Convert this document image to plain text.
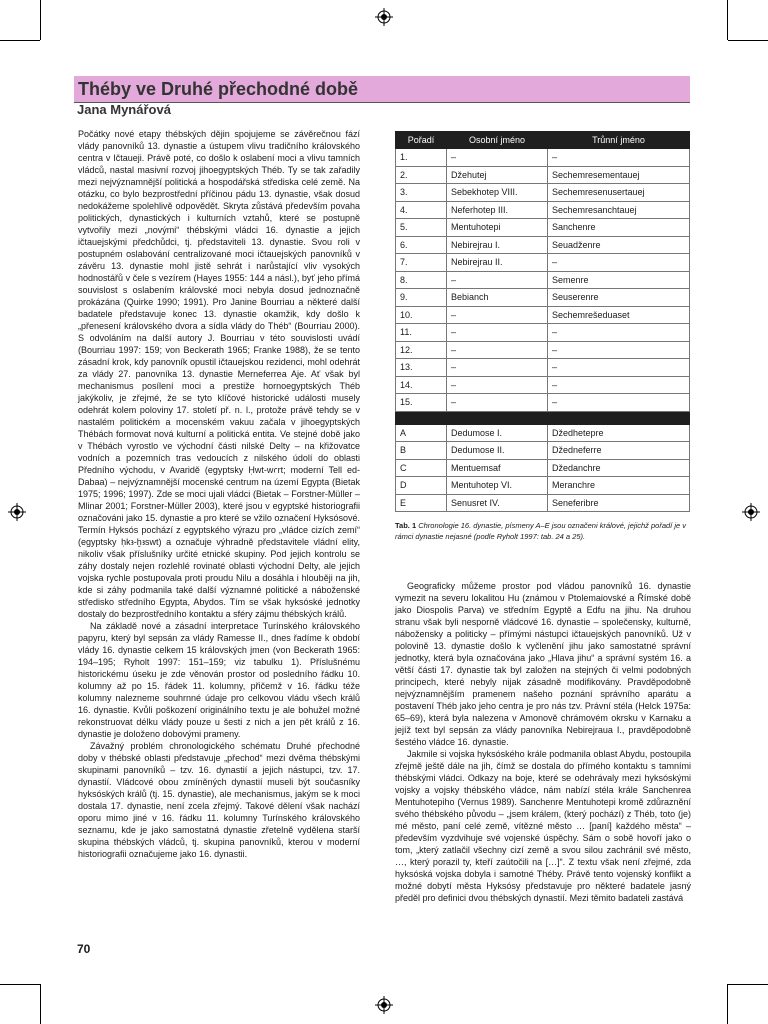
Théby ve Druhé přechodné době
Jana Mynářová

Počátky nové etapy thébských dějin spojujeme se závěrečnou fází vlády panovníků 13. dynastie a ústupem vlivu tradičního královského centra v Ičtaueji. Právě poté, co došlo k oslabení moci a vlivu tamních vládců, nastal masivní rozvoj jihoegyptských Théb. Ty se tak zařadily mezi nejvýznamnější politická a hospodářská střediska celé země. Na otázku, co bylo bezprostřední příčinou pádu 13. dynastie, však dosud nedokážeme spolehlivě odpovědět. Skryta zůstává především povaha politických, dynastických i kulturních vztahů, které se postupně vytvořily mezi „novými“ thébskými vládci 16. dynastie a jejich ičtauejskými předchůdci, tj. představiteli 13. dynastie. Svou roli v postupném oslabování centralizované moci ičtauejských panovníků v závěru 13. dynastie mohl jistě sehrát i narůstající vliv vysokých hodnostářů v čele s vezírem (Hayes 1955: 144 a násl.), byť jeho přímá souvislost s oslabením královské moci nebyla dosud jednoznačně prokázána (Quirke 1990; 1991). Pro Janine Bourriau a některé další badatele představuje konec 13. dynastie okamžik, kdy došlo k „přenesení královského dvora a sídla vlády do Théb“ (Bourriau 2000). S odvoláním na další autory J. Bourriau v této souvislosti uvádí (Bourriau 1997: 159; von Beckerath 1965; Franke 1988), že se tento zásadní krok, kdy panovník opustil ičtauejskou rezidenci, mohl odehrát za vlády 27. panovníka 13. dynastie Merneferrea Aje. Ať však byl mechanismus posílení moci a prestiže hornoegyptských Théb jakýkoliv, je zřejmé, že se tyto klíčové historické události musely odehrát kolem poloviny 17. století př. n. l., protože právě tehdy se v nastalém politickém a mocenském vakuu začala v jihoegyptských Thébách formovat nová kulturní a politická entita. Ve stejné době jako v Thébách vyrostlo ve východní části nilské Delty – na křižovatce vodních a pozemních tras vedoucích z nilského údolí do oblasti Předního východu, v Avaridě (egyptsky Ḥwt-wꜥrt; moderní Tell ed-Dabaa) – nejvýznamnější mocenské centrum na území Egypta (Bietak 1975; 1996; 1997). Zde se moci ujali vládci (Bietak – Forstner-Müller – Mlinar 2001; Forstner-Müller 2003), které jsou v egyptské historiografii označováni jako 15. dynastie a pro které se vžilo označení Hyksósové. Termín Hyksós pochází z egyptského výrazu pro „vládce cizích zemí“ (egyptsky ḥkꜣ-ḫꜣswt) a označuje výhradně představitele vládní elity, nikoliv však příslušníky určité etnické skupiny. Pod jejich kontrolu se záhy dostaly nejen rozlehlé rovinaté oblasti východní Delty, ale jejich vojska rychle postupovala proti proudu Nilu a dosáhla i hlouběji na jih, kde si záhy podmanila také další významné politické a náboženské středisko středního Egypta, Abydos. Tím se však hyksóské jednotky dostaly do bezprostředního kontaktu a sféry zájmu thébských králů.

Na základě nové a zásadní interpretace Turínského královského papyru, který byl sepsán za vlády Ramesse II., dnes řadíme k období vlády 16. dynastie celkem 15 královských jmen (von Beckerath 1965: 194–195; Ryholt 1997: 151–159; viz tabulku 1). Příslušnému historickému úseku je zde věnován prostor od posledního řádku 10. kolumny až po 15. řádek 11. kolumny, přičemž v 16. řádku téže kolumny nalezneme souhrnné údaje pro celkovou vládu všech králů 16. dynastie. Kvůli poškození originálního textu je ale bohužel možné rekonstruovat délku vlády pouze u šesti z nich a jen pět králů z 16. dynastie je doloženo dobovými prameny.

Závažný problém chronologického schématu Druhé přechodné doby v thébské oblasti představuje „přechod“ mezi dvěma thébskými skupinami panovníků – tzv. 16. dynastií a jejich nástupci, tzv. 17. dynastií. Vládcové obou zmíněných dynastií museli být současníky hyksóských králů (tj. 15. dynastie), ale mechanismus, jakým se k moci dostala 17. dynastie, není zcela zřejmý. Takové dělení však nachází oporu mimo jiné v 16. řádku 11. kolumny Turínského královského seznamu, kde je jako samostatná dynastie zřetelně vydělena starší skupina thébských vládců, tj. skupina panovníků, kterou v moderní historiografii označujeme jako 16. dynastii.

Pořadí	Osobní jméno	Trůnní jméno
1.	–	–
2.	Džehutej	Sechemresementauej
3.	Sebekhotep VIII.	Sechemresenusertauej
4.	Neferhotep III.	Sechemresanchtauej
5.	Mentuhotepi	Sanchenre
6.	Nebirejrau I.	Seuadženre
7.	Nebirejrau II.	–
8.	–	Semenre
9.	Bebianch	Seuserenre
10.	–	Sechemrešeduaset
11.	–	–
12.	–	–
13.	–	–
14.	–	–
15.	–	–

A	Dedumose I.	Džedhetepre
B	Dedumose II.	Džedneferre
C	Mentuemsaf	Džedanchre
D	Mentuhotep VI.	Meranchre
E	Senusret IV.	Seneferibre
Tab. 1 Chronologie 16. dynastie, písmeny A–E jsou označeni králové, jejichž pořadí je v rámci dynastie nejasné (podle Ryholt 1997: tab. 24 a 25).

Geograficky můžeme prostor pod vládou panovníků 16. dynastie vymezit na severu lokalitou Hu (známou v Ptolemaiovské a Římské době jako Diospolis Parva) ve středním Egyptě a Edfu na jihu. Na druhou stranu však byli nesporně vládcové 16. dynastie – společensky, kulturně, nábožensky a politicky – přímými nástupci ičtauejských panovníků. Už v polovině 13. dynastie došlo k vyčlenění jihu jako samostatné správní jednotky, která byla označována jako „Hlava jihu“ a správní systém 16. a větší části 17. dynastie tak byl založen na stejných či velmi podobných principech, které nebyly nijak zásadně modifikovány. Pravděpodobně nejvýznamnějším pramenem našeho poznání správního aparátu a postavení Théb jako jeho centra je pro nás tzv. Právní stéla (Helck 1975a: 65–69), která byla nalezena v Amonově chrámovém okrsku v Karnaku a jejíž text byl sepsán za vlády panovníka Nebirejraua I., pravděpodobně šestého vládce 16. dynastie.

Jakmile si vojska hyksóského krále podmanila oblast Abydu, postoupila zřejmě ještě dále na jih, čímž se dostala do přímého kontaktu s tamními thébskými vládci. Odkazy na boje, které se odehrávaly mezi hyksóskými vojsky a vojsky thébského vládce, nám nabízí stéla krále Sanchenrea Mentuhotepiho (Vernus 1989). Sanchenre Mentuhotepi kromě zdůraznění svého thébského původu – „jsem králem, (který pochází) z Théb, toto (je) mé město, paní celé země, vítězné město … [paní] každého města“ – především vyzdvihuje své vojenské úspěchy. Sám o sobě hovoří jako o tom, „který zatlačil všechny cizí země a svou silou zachránil své město, …, který porazil ty, kteří zaútočili na […]“. Z textu však není zřejmé, zda hyksóská vojska dobyla i samotné Théby. Právě tento vojenský konflikt a možné dobytí města Hyksósy představuje pro některé badatele jasný předěl pro definici dvou thébských dynastií. Mezi těmito badateli zastává

70
